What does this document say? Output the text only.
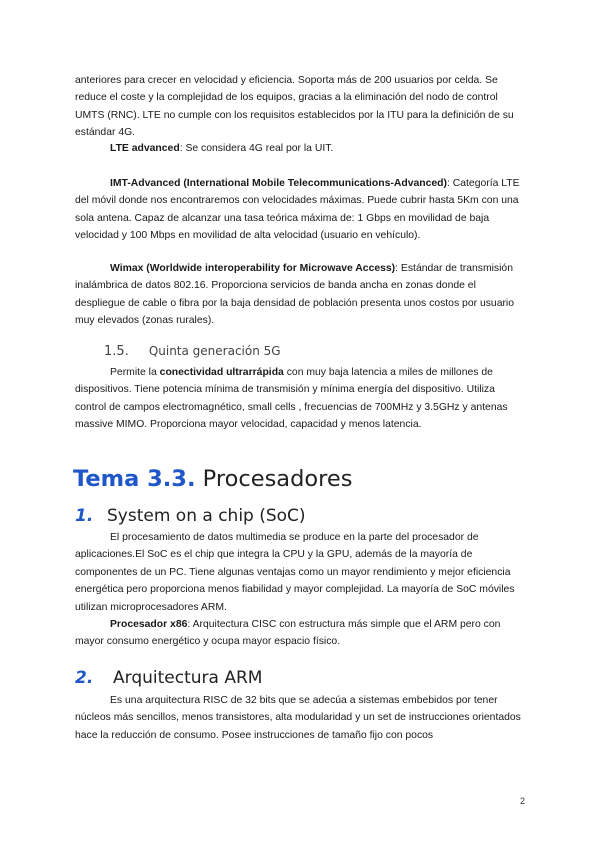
anteriores para crecer en velocidad y eficiencia. Soporta más de 200 usuarios por celda. Se reduce el coste y la complejidad de los equipos, gracias a la eliminación del nodo de control UMTS (RNC). LTE no cumple con los requisitos establecidos por la ITU para la definición de su estándar 4G.

LTE advanced: Se considera 4G real por la UIT.

IMT-Advanced (International Mobile Telecommunications-Advanced): Categoría LTE del móvil donde nos encontraremos con velocidades máximas. Puede cubrir hasta 5Km con una sola antena. Capaz de alcanzar una tasa teórica máxima de: 1 Gbps en movilidad de baja velocidad y 100 Mbps en movilidad de alta velocidad (usuario en vehículo).

Wimax (Worldwide interoperability for Microwave Access): Estándar de transmisión inalámbrica de datos 802.16. Proporciona servicios de banda ancha en zonas donde el despliegue de cable o fibra por la baja densidad de población presenta unos costos por usuario muy elevados (zonas rurales).

1.5. Quinta generación 5G

Permite la conectividad ultrarrápida con muy baja latencia a miles de millones de dispositivos. Tiene potencia mínima de transmisión y mínima energía del dispositivo. Utiliza control de campos electromagnético, small cells , frecuencias de 700MHz y 3.5GHz y antenas massive MIMO. Proporciona mayor velocidad, capacidad y menos latencia.

Tema 3.3. Procesadores
1. System on a chip (SoC)

El procesamiento de datos multimedia se produce en la parte del procesador de aplicaciones.El SoC es el chip que integra la CPU y la GPU, además de la mayoría de componentes de un PC. Tiene algunas ventajas como un mayor rendimiento y mejor eficiencia energética pero proporciona menos fiabilidad y mayor complejidad. La mayoría de SoC móviles utilizan microprocesadores ARM.

Procesador x86: Arquitectura CISC con estructura más simple que el ARM pero con mayor consumo energético y ocupa mayor espacio físico.

2. Arquitectura ARM

Es una arquitectura RISC de 32 bits que se adecúa a sistemas embebidos por tener núcleos más sencillos, menos transistores, alta modularidad y un set de instrucciones orientados hace la reducción de consumo. Posee instrucciones de tamaño fijo con pocos

2
